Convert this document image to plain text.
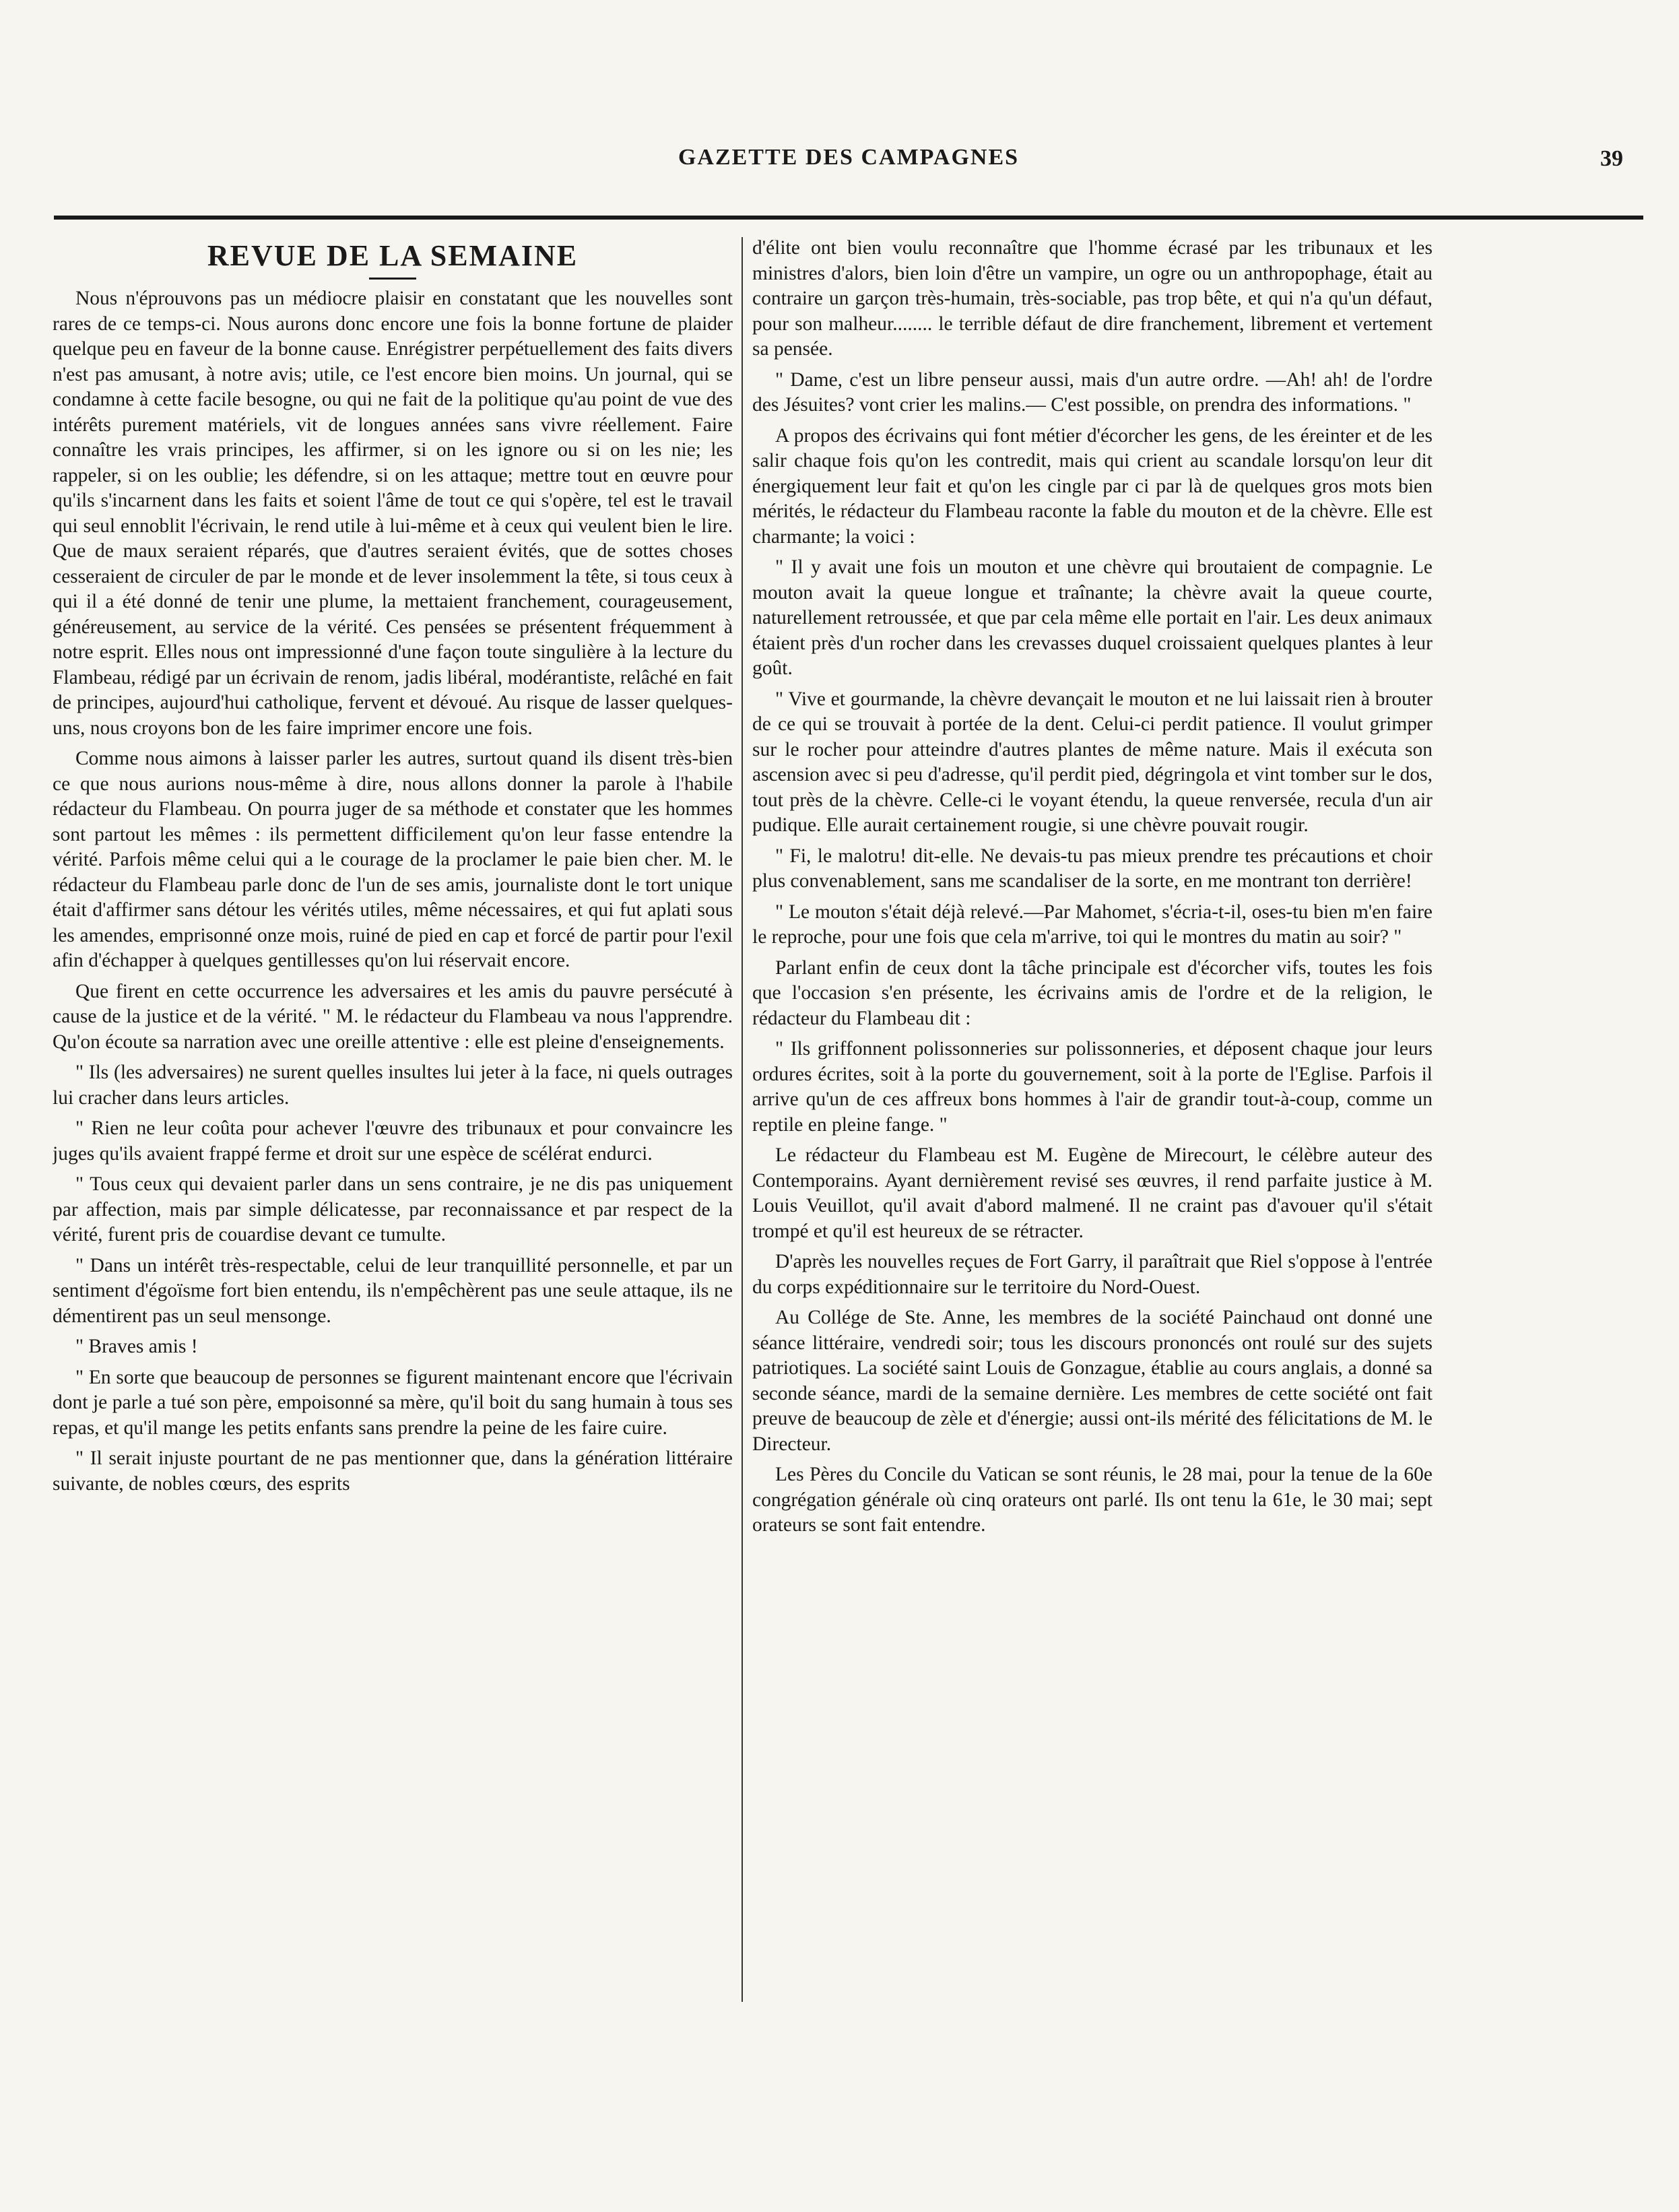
GAZETTE DES CAMPAGNES	39
REVUE DE LA SEMAINE

Nous n'éprouvons pas un médiocre plaisir en constatant que les nouvelles sont rares de ce temps-ci. Nous aurons donc encore une fois la bonne fortune de plaider quelque peu en faveur de la bonne cause. Enrégistrer perpétuellement des faits divers n'est pas amusant, à notre avis; utile, ce l'est encore bien moins. Un journal, qui se condamne à cette facile besogne, ou qui ne fait de la politique qu'au point de vue des intérêts purement matériels, vit de longues années sans vivre réellement. Faire connaître les vrais principes, les affirmer, si on les ignore ou si on les nie; les rappeler, si on les oublie; les défendre, si on les attaque; mettre tout en œuvre pour qu'ils s'incarnent dans les faits et soient l'âme de tout ce qui s'opère, tel est le travail qui seul ennoblit l'écrivain, le rend utile à lui-même et à ceux qui veulent bien le lire. Que de maux seraient réparés, que d'autres seraient évités, que de sottes choses cesseraient de circuler de par le monde et de lever insolemment la tête, si tous ceux à qui il a été donné de tenir une plume, la mettaient franchement, courageusement, généreusement, au service de la vérité. Ces pensées se présentent fréquemment à notre esprit. Elles nous ont impressionné d'une façon toute singulière à la lecture du Flambeau, rédigé par un écrivain de renom, jadis libéral, modérantiste, relâché en fait de principes, aujourd'hui catholique, fervent et dévoué. Au risque de lasser quelques-uns, nous croyons bon de les faire imprimer encore une fois.

Comme nous aimons à laisser parler les autres, surtout quand ils disent très-bien ce que nous aurions nous-même à dire, nous allons donner la parole à l'habile rédacteur du Flambeau. On pourra juger de sa méthode et constater que les hommes sont partout les mêmes : ils permettent difficilement qu'on leur fasse entendre la vérité. Parfois même celui qui a le courage de la proclamer le paie bien cher. M. le rédacteur du Flambeau parle donc de l'un de ses amis, journaliste dont le tort unique était d'affirmer sans détour les vérités utiles, même nécessaires, et qui fut aplati sous les amendes, emprisonné onze mois, ruiné de pied en cap et forcé de partir pour l'exil afin d'échapper à quelques gentillesses qu'on lui réservait encore.

Que firent en cette occurrence les adversaires et les amis du pauvre persécuté à cause de la justice et de la vérité. " M. le rédacteur du Flambeau va nous l'apprendre. Qu'on écoute sa narration avec une oreille attentive : elle est pleine d'enseignements.

" Ils (les adversaires) ne surent quelles insultes lui jeter à la face, ni quels outrages lui cracher dans leurs articles.

" Rien ne leur coûta pour achever l'œuvre des tribunaux et pour convaincre les juges qu'ils avaient frappé ferme et droit sur une espèce de scélérat endurci.

" Tous ceux qui devaient parler dans un sens contraire, je ne dis pas uniquement par affection, mais par simple délicatesse, par reconnaissance et par respect de la vérité, furent pris de couardise devant ce tumulte.

" Dans un intérêt très-respectable, celui de leur tranquillité personnelle, et par un sentiment d'égoïsme fort bien entendu, ils n'empêchèrent pas une seule attaque, ils ne démentirent pas un seul mensonge.

" Braves amis !

" En sorte que beaucoup de personnes se figurent maintenant encore que l'écrivain dont je parle a tué son père, empoisonné sa mère, qu'il boit du sang humain à tous ses repas, et qu'il mange les petits enfants sans prendre la peine de les faire cuire.

" Il serait injuste pourtant de ne pas mentionner que, dans la génération littéraire suivante, de nobles cœurs, des esprits

d'élite ont bien voulu reconnaître que l'homme écrasé par les tribunaux et les ministres d'alors, bien loin d'être un vampire, un ogre ou un anthropophage, était au contraire un garçon très-humain, très-sociable, pas trop bête, et qui n'a qu'un défaut, pour son malheur........ le terrible défaut de dire franchement, librement et vertement sa pensée.

" Dame, c'est un libre penseur aussi, mais d'un autre ordre. —Ah! ah! de l'ordre des Jésuites? vont crier les malins.— C'est possible, on prendra des informations. "

A propos des écrivains qui font métier d'écorcher les gens, de les éreinter et de les salir chaque fois qu'on les contredit, mais qui crient au scandale lorsqu'on leur dit énergiquement leur fait et qu'on les cingle par ci par là de quelques gros mots bien mérités, le rédacteur du Flambeau raconte la fable du mouton et de la chèvre. Elle est charmante; la voici :

" Il y avait une fois un mouton et une chèvre qui broutaient de compagnie. Le mouton avait la queue longue et traînante; la chèvre avait la queue courte, naturellement retroussée, et que par cela même elle portait en l'air. Les deux animaux étaient près d'un rocher dans les crevasses duquel croissaient quelques plantes à leur goût.

" Vive et gourmande, la chèvre devançait le mouton et ne lui laissait rien à brouter de ce qui se trouvait à portée de la dent. Celui-ci perdit patience. Il voulut grimper sur le rocher pour atteindre d'autres plantes de même nature. Mais il exécuta son ascension avec si peu d'adresse, qu'il perdit pied, dégringola et vint tomber sur le dos, tout près de la chèvre. Celle-ci le voyant étendu, la queue renversée, recula d'un air pudique. Elle aurait certainement rougie, si une chèvre pouvait rougir.

" Fi, le malotru! dit-elle. Ne devais-tu pas mieux prendre tes précautions et choir plus convenablement, sans me scandaliser de la sorte, en me montrant ton derrière!

" Le mouton s'était déjà relevé.—Par Mahomet, s'écria-t-il, oses-tu bien m'en faire le reproche, pour une fois que cela m'arrive, toi qui le montres du matin au soir? "

Parlant enfin de ceux dont la tâche principale est d'écorcher vifs, toutes les fois que l'occasion s'en présente, les écrivains amis de l'ordre et de la religion, le rédacteur du Flambeau dit :

" Ils griffonnent polissonneries sur polissonneries, et déposent chaque jour leurs ordures écrites, soit à la porte du gouvernement, soit à la porte de l'Eglise. Parfois il arrive qu'un de ces affreux bons hommes à l'air de grandir tout-à-coup, comme un reptile en pleine fange. "

Le rédacteur du Flambeau est M. Eugène de Mirecourt, le célèbre auteur des Contemporains. Ayant dernièrement revisé ses œuvres, il rend parfaite justice à M. Louis Veuillot, qu'il avait d'abord malmené. Il ne craint pas d'avouer qu'il s'était trompé et qu'il est heureux de se rétracter.

D'après les nouvelles reçues de Fort Garry, il paraîtrait que Riel s'oppose à l'entrée du corps expéditionnaire sur le territoire du Nord-Ouest.

Au Collége de Ste. Anne, les membres de la société Painchaud ont donné une séance littéraire, vendredi soir; tous les discours prononcés ont roulé sur des sujets patriotiques. La société saint Louis de Gonzague, établie au cours anglais, a donné sa seconde séance, mardi de la semaine dernière. Les membres de cette société ont fait preuve de beaucoup de zèle et d'énergie; aussi ont-ils mérité des félicitations de M. le Directeur.

Les Pères du Concile du Vatican se sont réunis, le 28 mai, pour la tenue de la 60e congrégation générale où cinq orateurs ont parlé. Ils ont tenu la 61e, le 30 mai; sept orateurs se sont fait entendre.
